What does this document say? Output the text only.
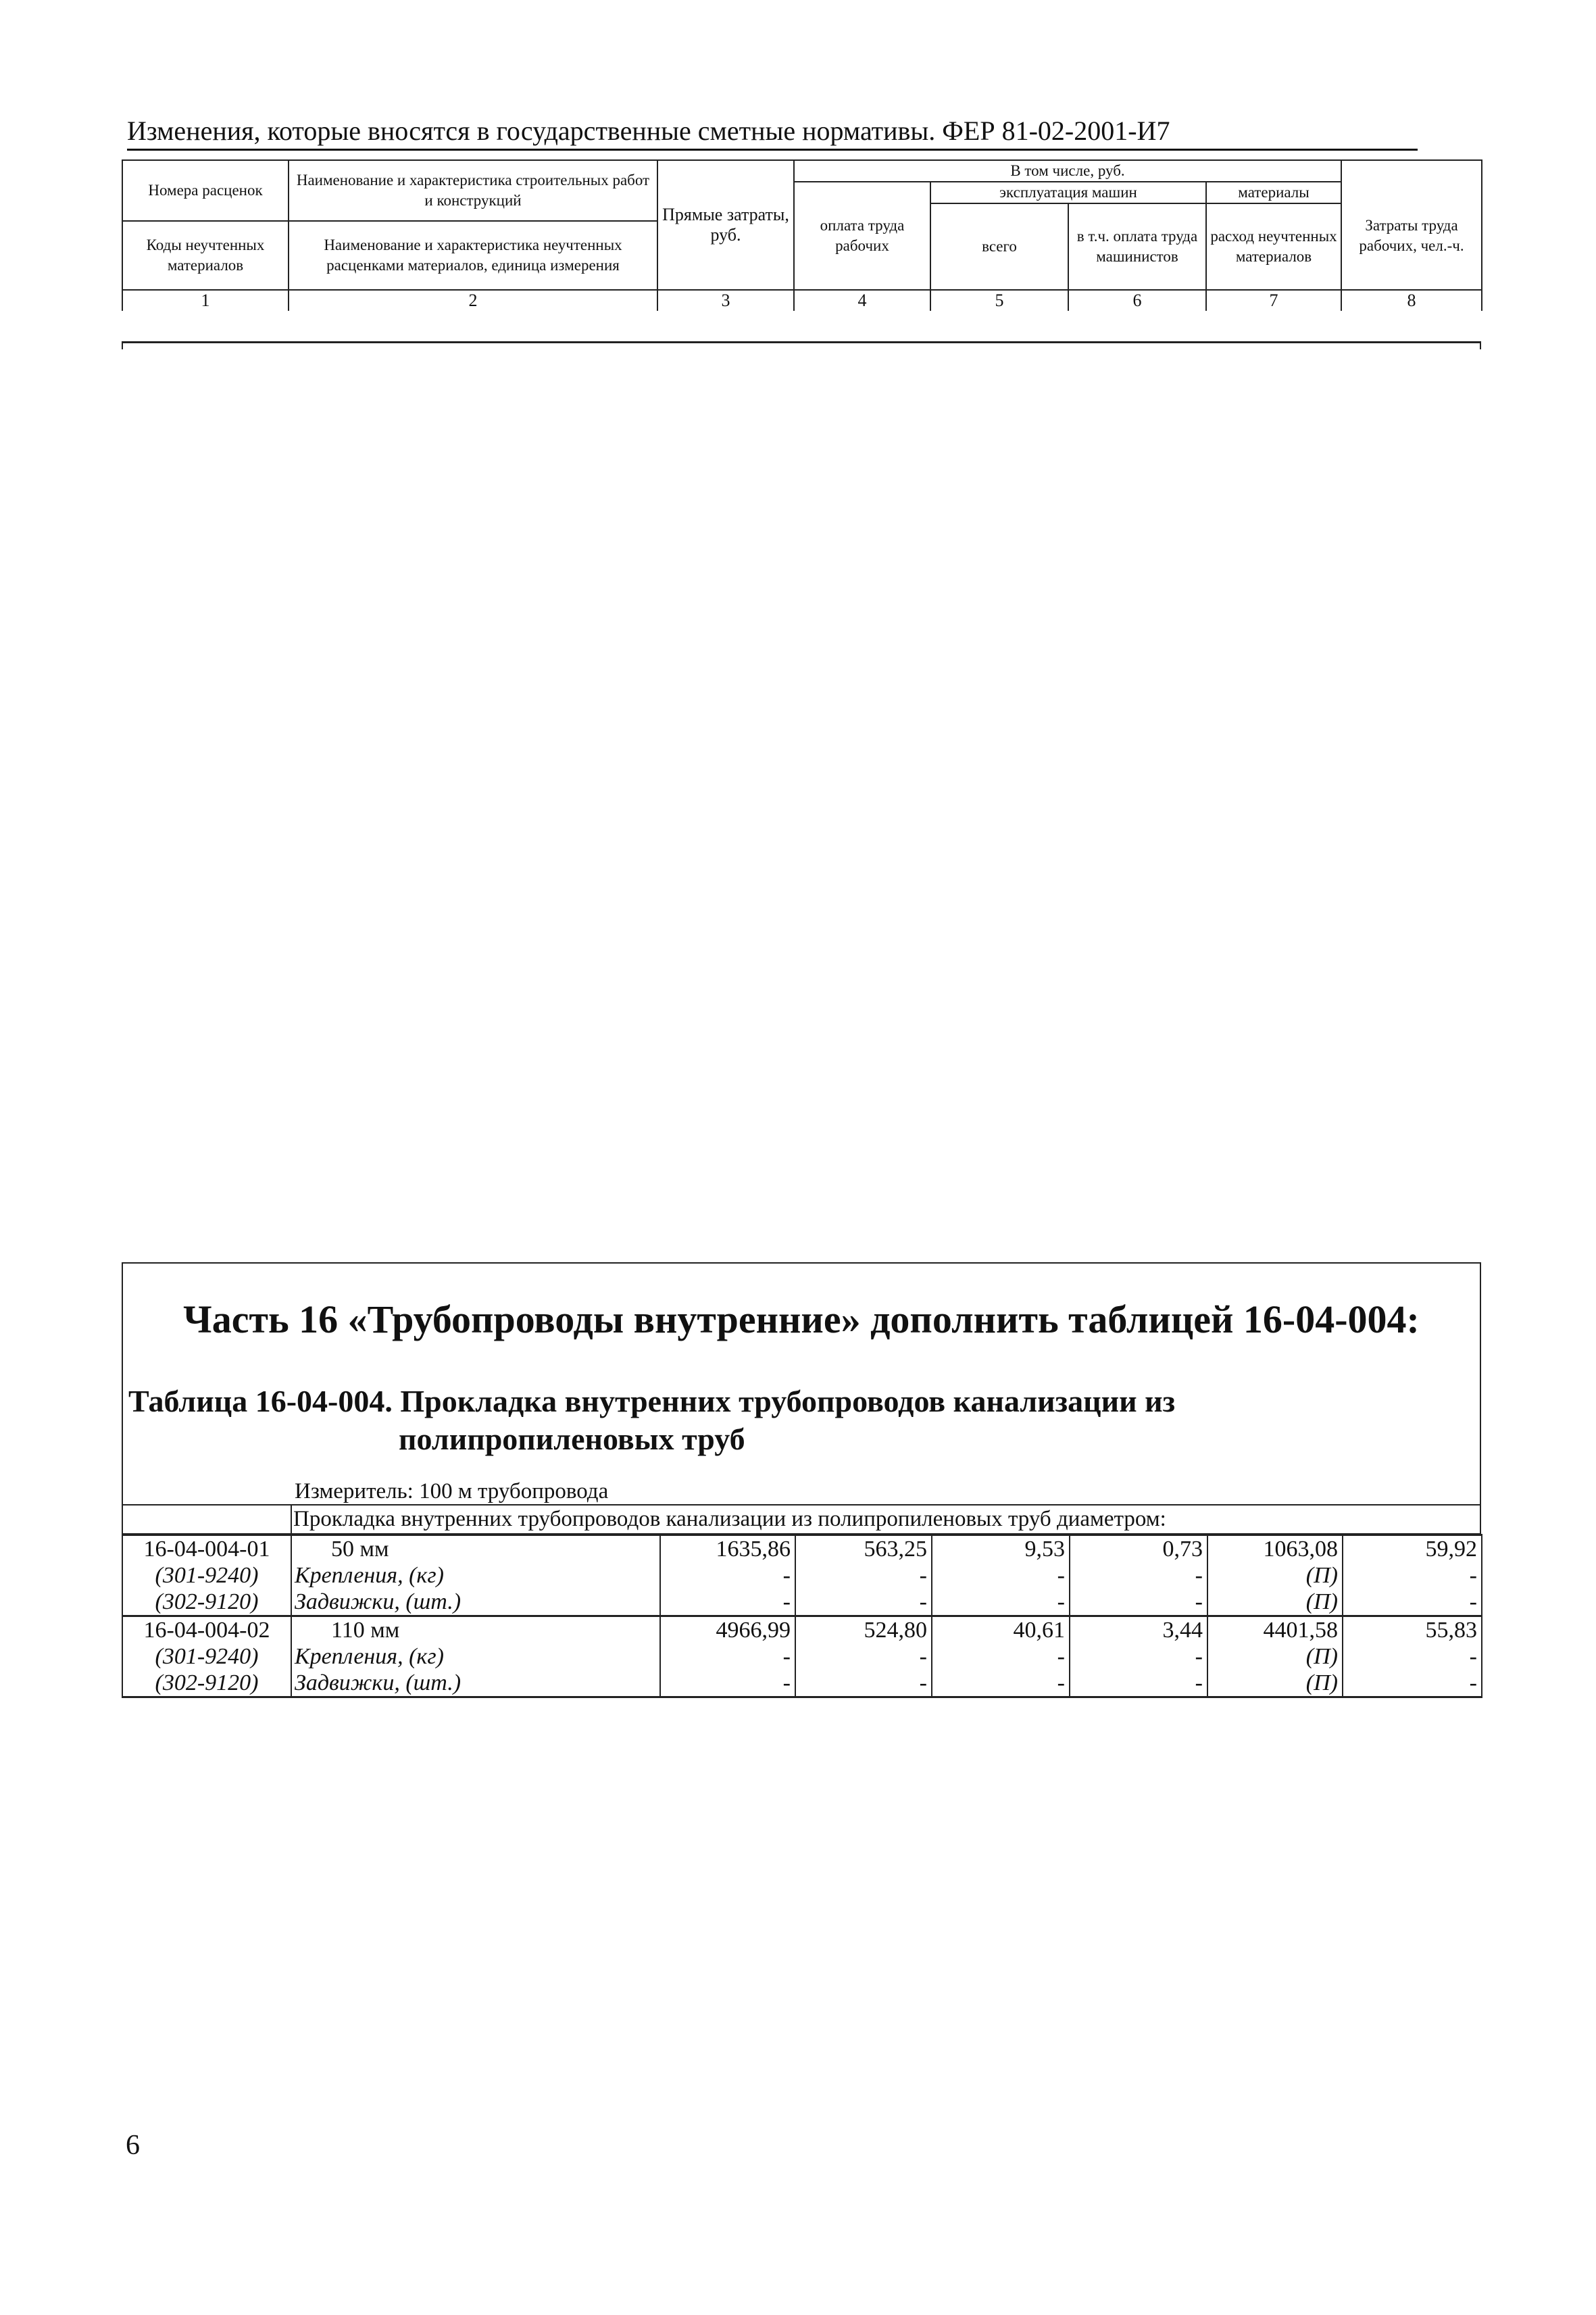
Изменения, которые вносятся в государственные сметные нормативы. ФЕР 81-02-2001-И7
Номера расценок	Наименование и характеристика строительных работ и конструкций	Прямые затраты, руб.	В том числе, руб.				
			оплата труда рабочих	эксплуатация машин		материалы	Затраты труда рабочих, чел.-ч.
				всего	в т.ч. оплата труда машинистов	расход неучтенных материалов	
Коды неучтенных материалов	Наименование и характеристика неучтенных расценками материалов, единица измерения						

1	2	3	4	5	6	7	8
Часть 16 «Трубопроводы внутренние» дополнить таблицей 16-04-004:
Таблица 16-04-004. Прокладка внутренних трубопроводов канализации из
полипропиленовых труб
Измеритель: 100 м трубопровода
Прокладка внутренних трубопроводов канализации из полипропиленовых труб диаметром:
16-04-004-01	50 мм	1635,86	563,25	9,53	0,73	1063,08	59,92
(301-9240)	Крепления, (кг)	-	-	-	-	(П)	-
(302-9120)	Задвижки, (шт.)	-	-	-	-	(П)	-
16-04-004-02	110 мм	4966,99	524,80	40,61	3,44	4401,58	55,83
(301-9240)	Крепления, (кг)	-	-	-	-	(П)	-
(302-9120)	Задвижки, (шт.)	-	-	-	-	(П)	-
6
